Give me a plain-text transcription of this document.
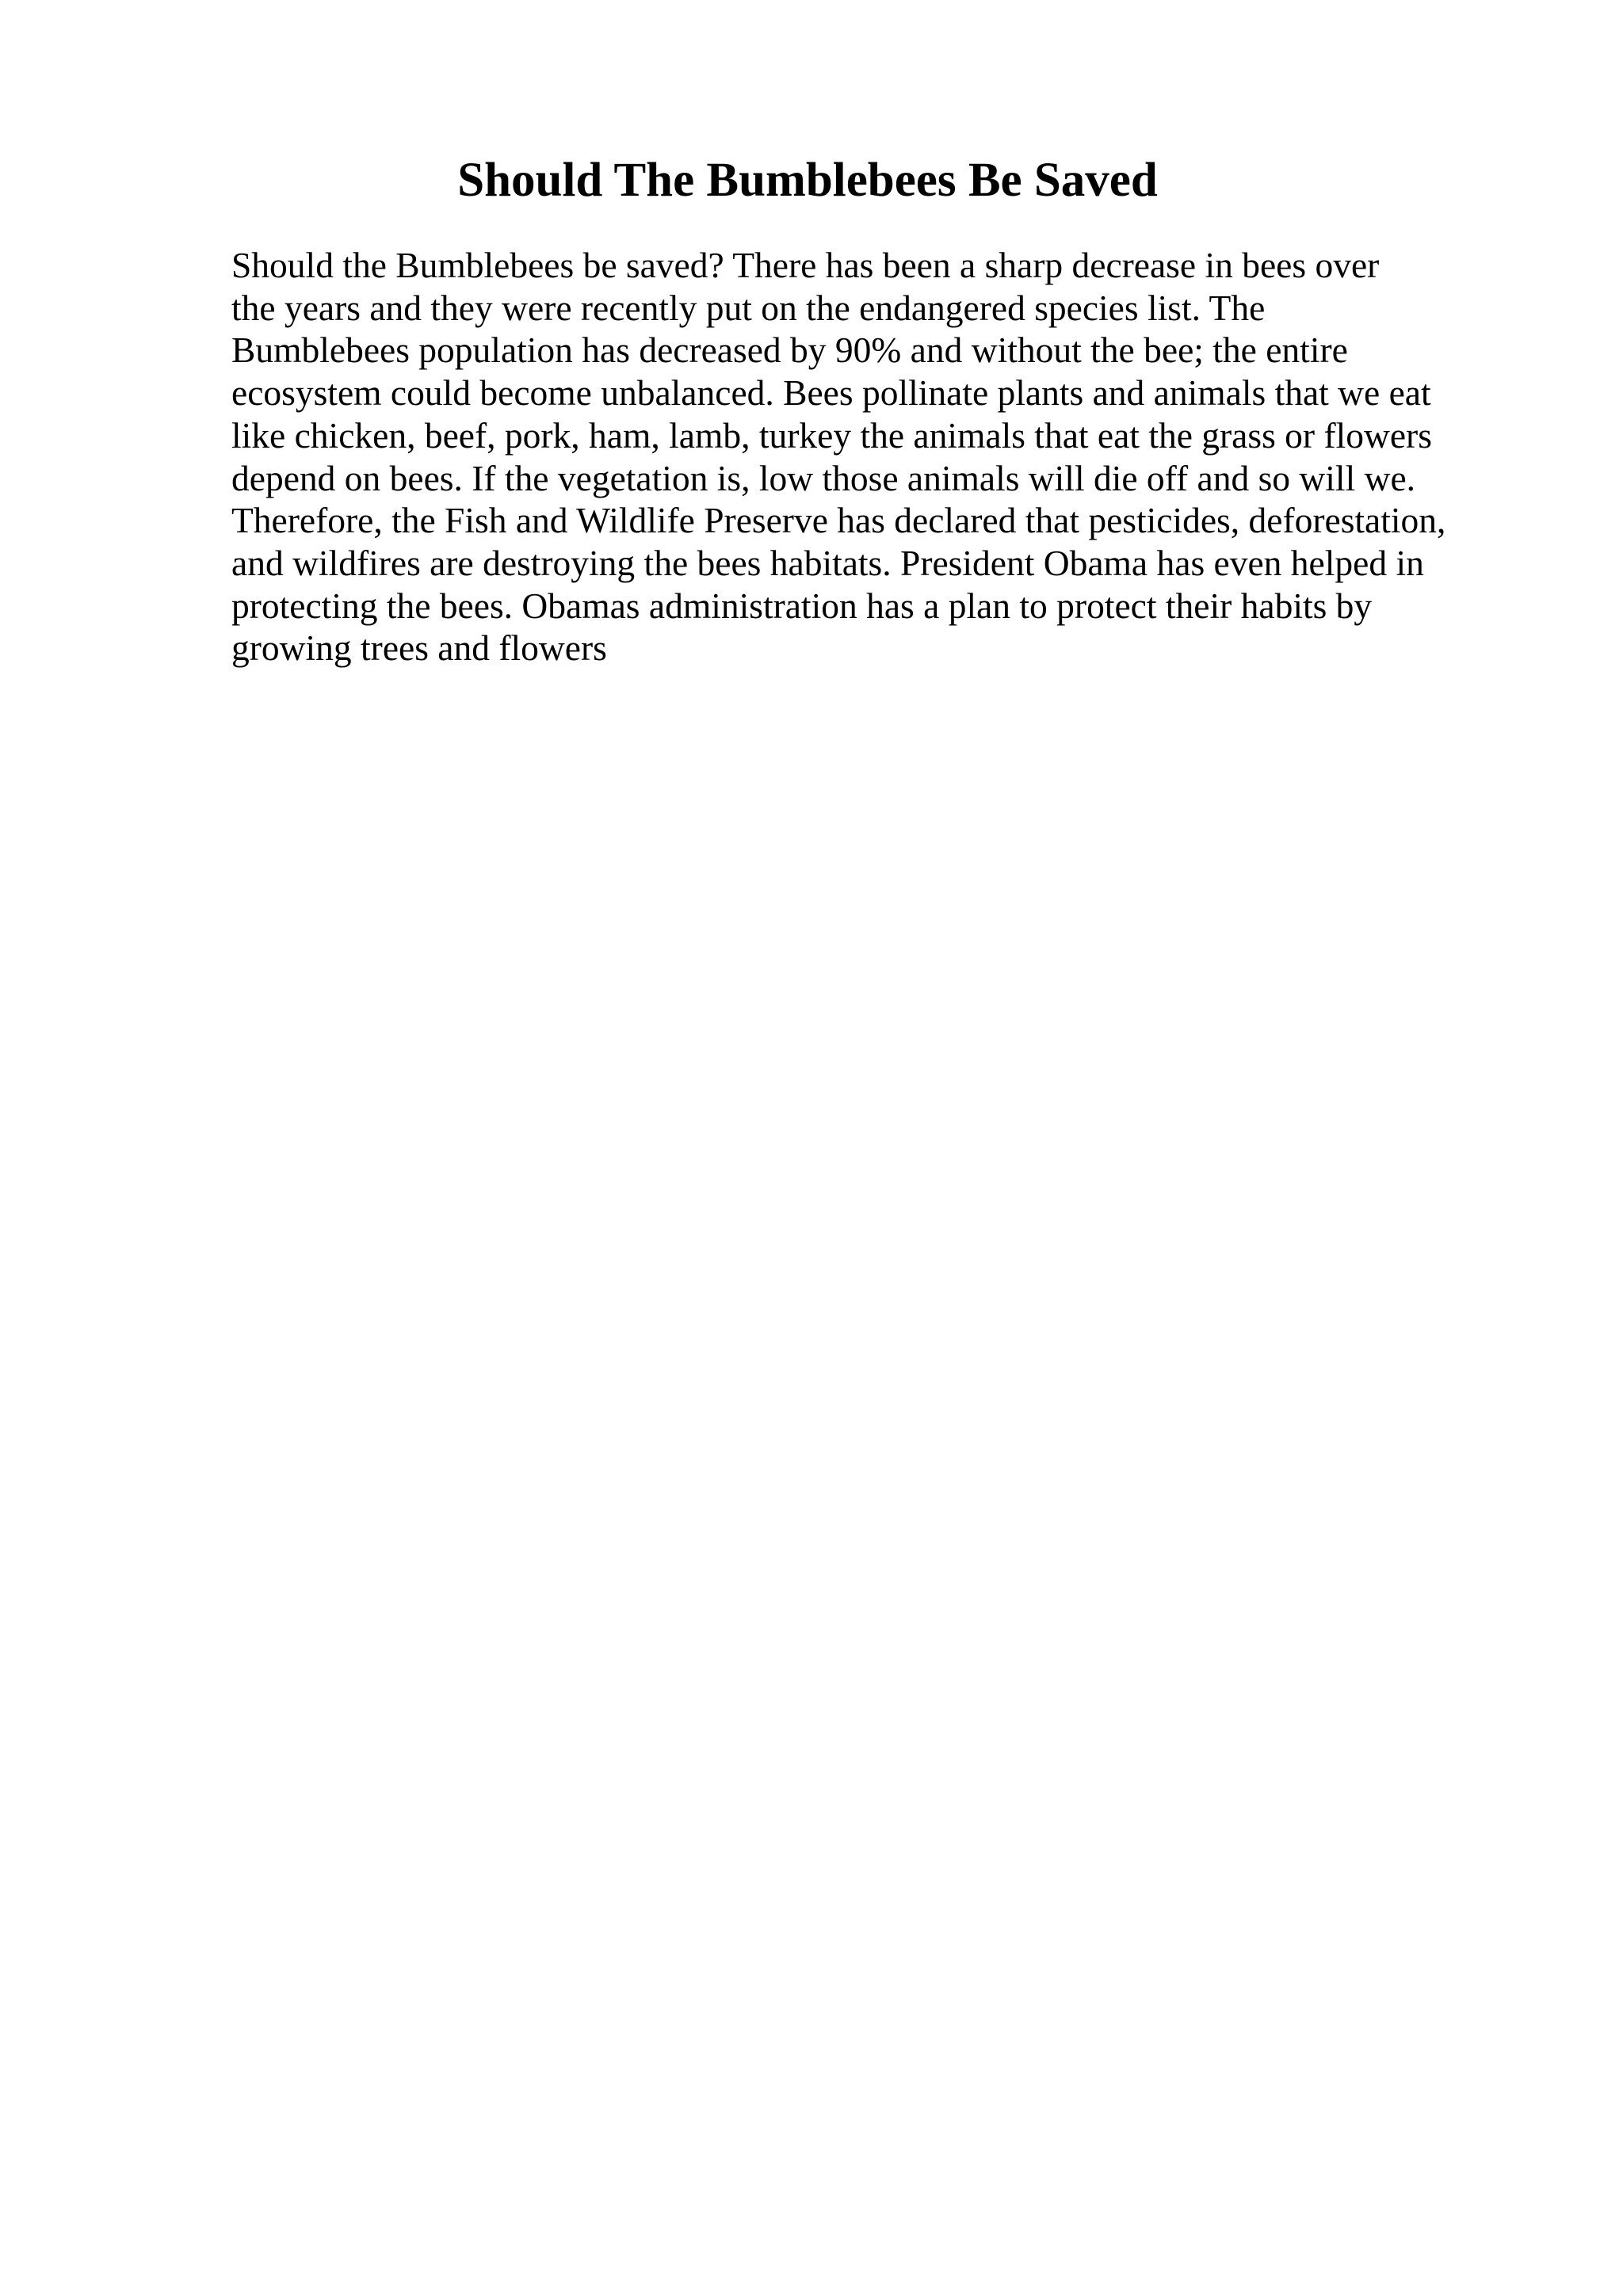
Should The Bumblebees Be Saved
Should the Bumblebees be saved? There has been a sharp decrease in bees over
the years and they were recently put on the endangered species list. The
Bumblebees population has decreased by 90% and without the bee; the entire
ecosystem could become unbalanced. Bees pollinate plants and animals that we eat
like chicken, beef, pork, ham, lamb, turkey the animals that eat the grass or flowers
depend on bees. If the vegetation is, low those animals will die off and so will we.
Therefore, the Fish and Wildlife Preserve has declared that pesticides, deforestation,
and wildfires are destroying the bees habitats. President Obama has even helped in
protecting the bees. Obamas administration has a plan to protect their habits by
growing trees and flowers
